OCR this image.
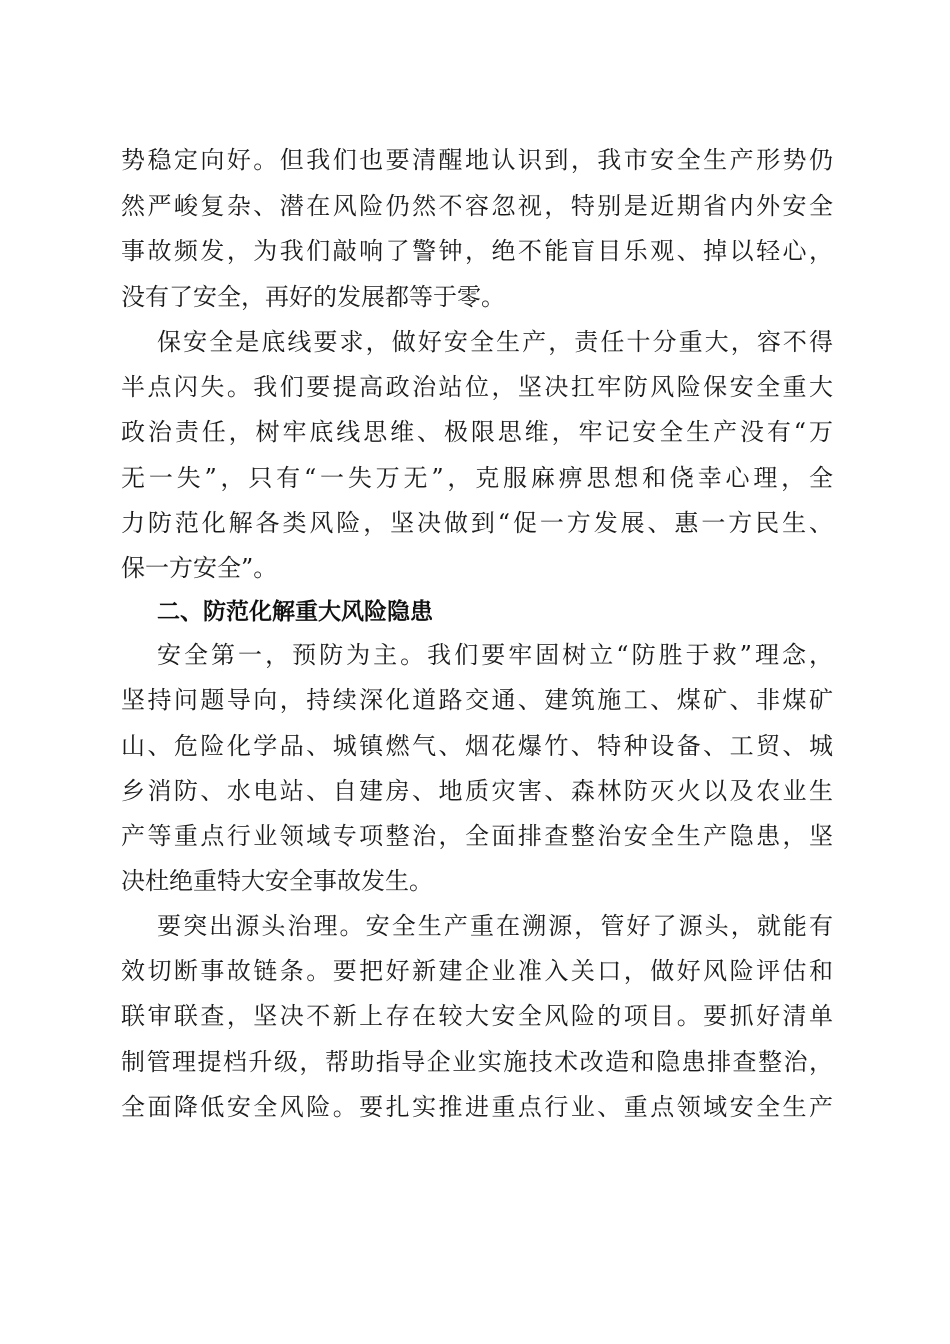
势稳定向好。但我们也要清醒地认识到，我市安全生产形势仍
然严峻复杂、潜在风险仍然不容忽视，特别是近期省内外安全
事故频发，为我们敲响了警钟，绝不能盲目乐观、掉以轻心，
没有了安全，再好的发展都等于零。
保安全是底线要求，做好安全生产，责任十分重大，容不得
半点闪失。我们要提高政治站位，坚决扛牢防风险保安全重大
政治责任，树牢底线思维、极限思维，牢记安全生产没有“万
无一失”，只有“一失万无”，克服麻痹思想和侥幸心理，全
力防范化解各类风险，坚决做到“促一方发展、惠一方民生、
保一方安全”。
二、防范化解重大风险隐患
安全第一，预防为主。我们要牢固树立“防胜于救”理念，
坚持问题导向，持续深化道路交通、建筑施工、煤矿、非煤矿
山、危险化学品、城镇燃气、烟花爆竹、特种设备、工贸、城
乡消防、水电站、自建房、地质灾害、森林防灭火以及农业生
产等重点行业领域专项整治，全面排查整治安全生产隐患，坚
决杜绝重特大安全事故发生。
要突出源头治理。安全生产重在溯源，管好了源头，就能有
效切断事故链条。要把好新建企业准入关口，做好风险评估和
联审联查，坚决不新上存在较大安全风险的项目。要抓好清单
制管理提档升级，帮助指导企业实施技术改造和隐患排查整治，
全面降低安全风险。要扎实推进重点行业、重点领域安全生产
